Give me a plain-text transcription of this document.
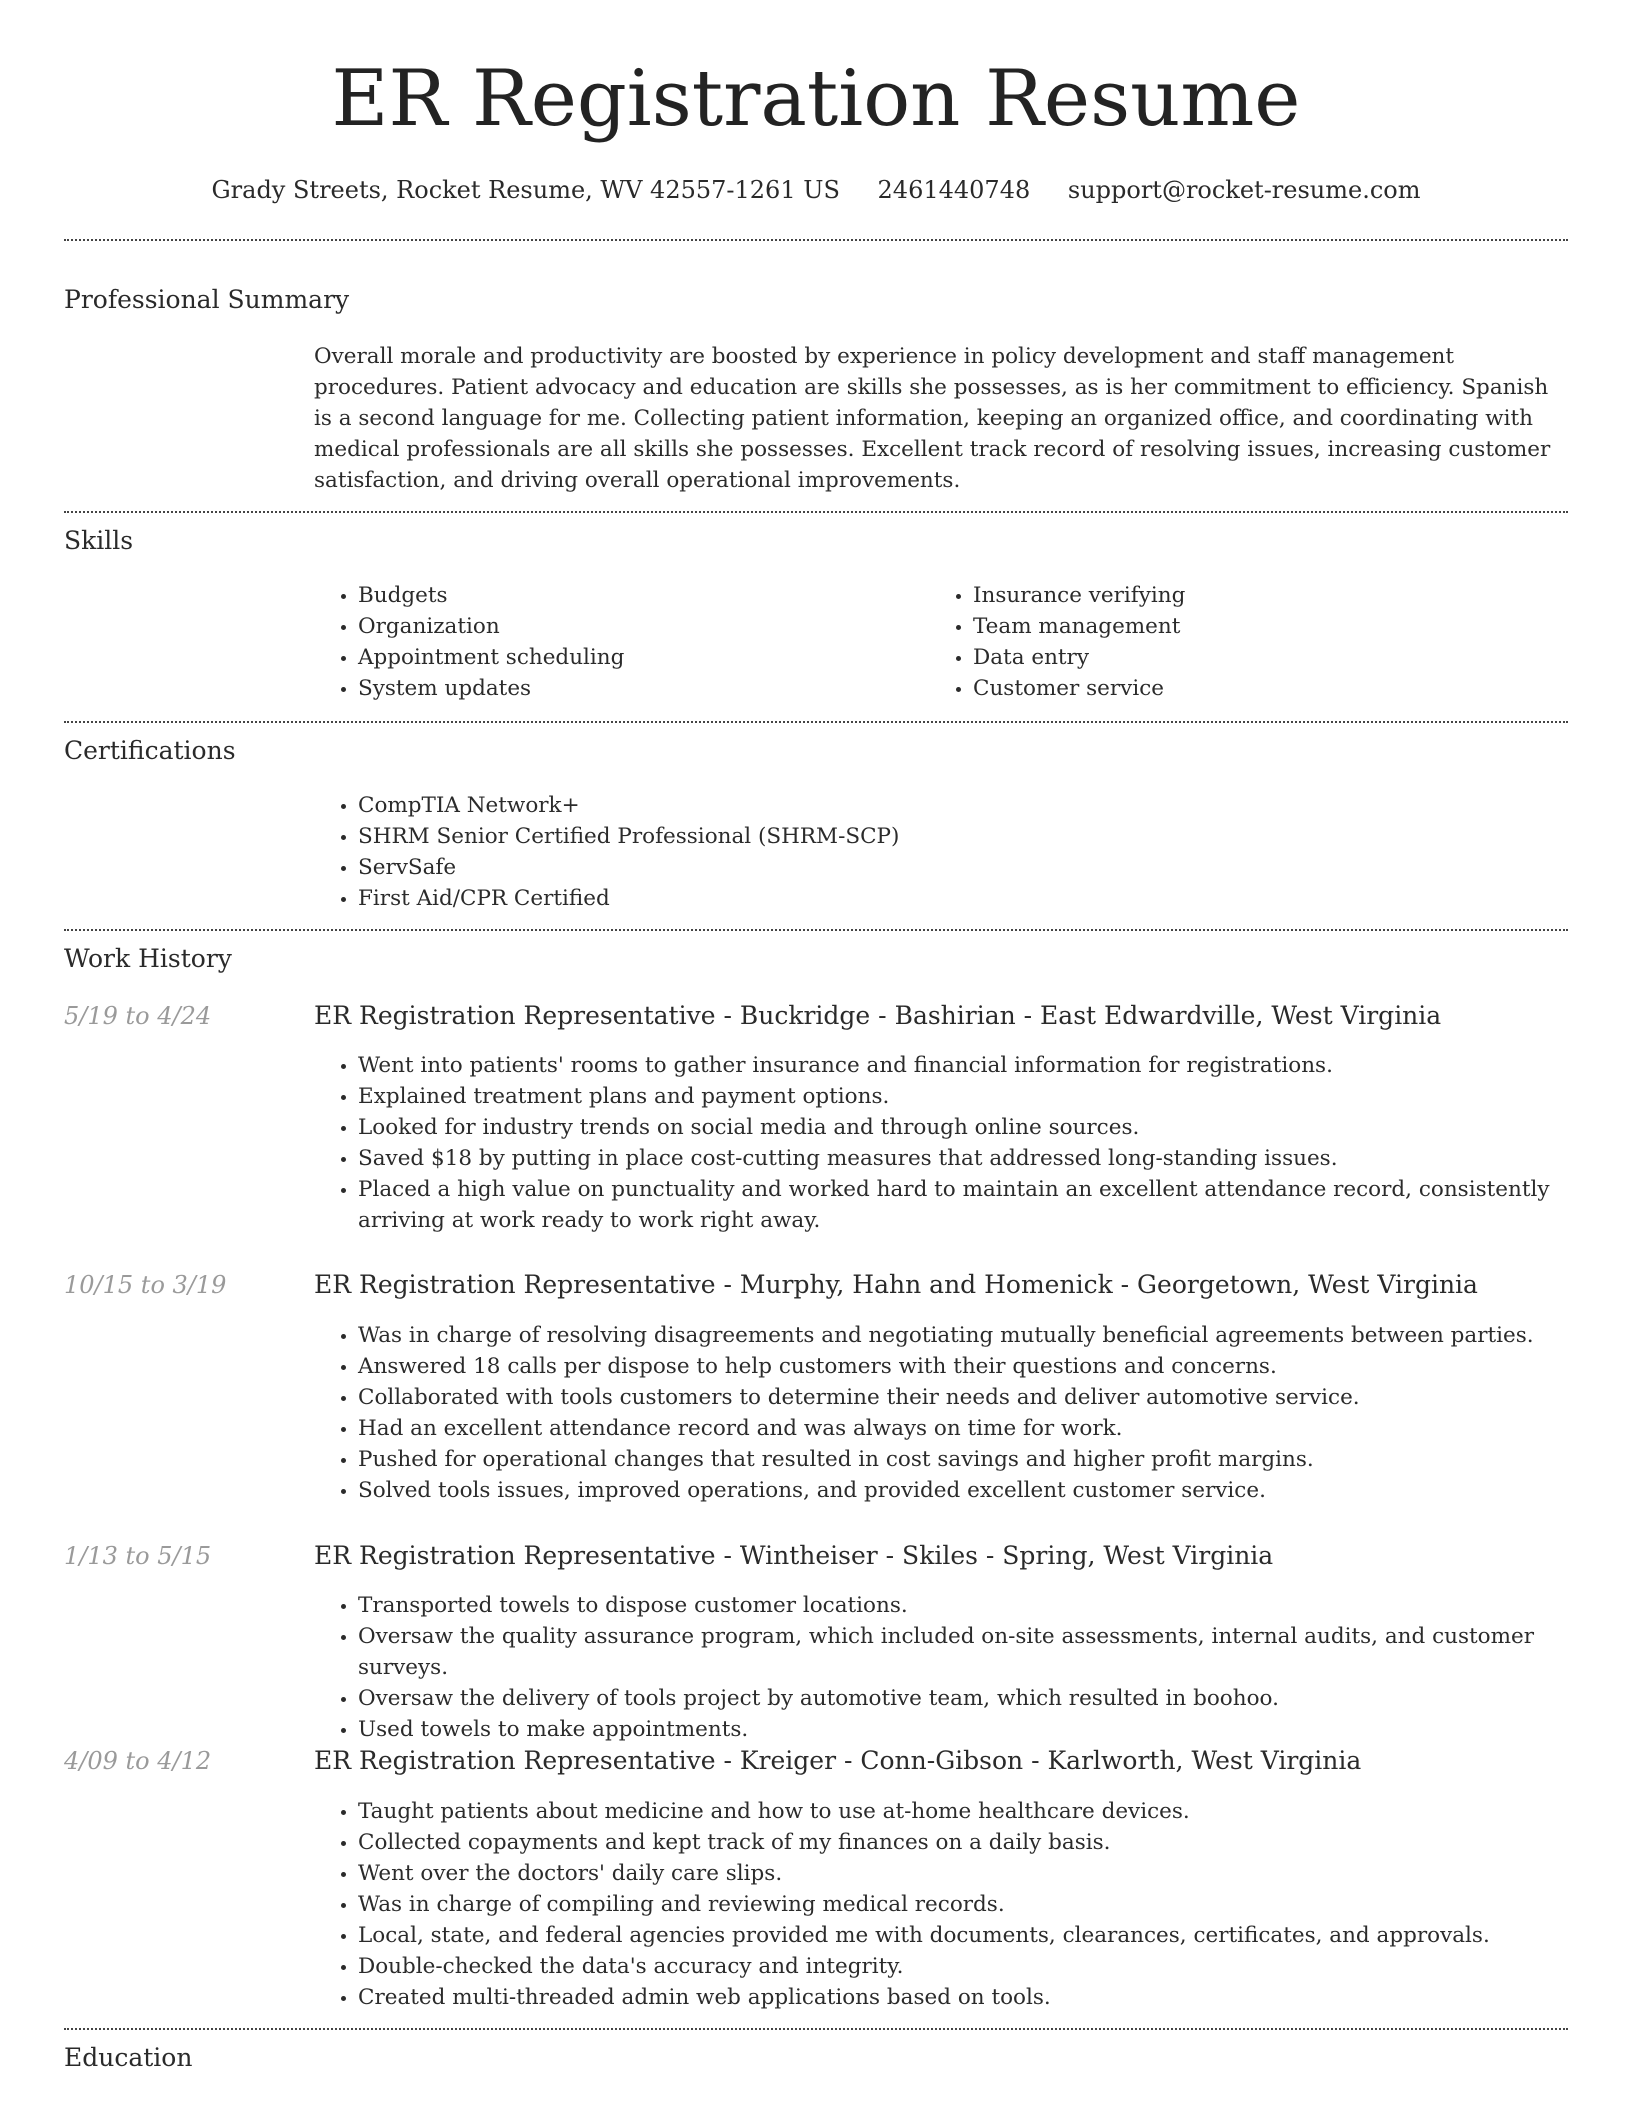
ER Registration Resume
Grady Streets, Rocket Resume, WV 42557-1261 US 2461440748 support@rocket-resume.com
Professional Summary

Overall morale and productivity are boosted by experience in policy development and staff management procedures. Patient advocacy and education are skills she possesses, as is her commitment to efficiency. Spanish is a second language for me. Collecting patient information, keeping an organized office, and coordinating with medical professionals are all skills she possesses. Excellent track record of resolving issues, increasing customer satisfaction, and driving overall operational improvements.

Skills
• Budgets
• Organization
• Appointment scheduling
• System updates
• Insurance verifying
• Team management
• Data entry
• Customer service
Certifications
• CompTIA Network+
• SHRM Senior Certified Professional (SHRM-SCP)
• ServSafe
• First Aid/CPR Certified
Work History
5/19 to 4/24	ER Registration Representative - Buckridge - Bashirian - East Edwardville, West Virginia
• Went into patients' rooms to gather insurance and financial information for registrations.
• Explained treatment plans and payment options.
• Looked for industry trends on social media and through online sources.
• Saved $18 by putting in place cost-cutting measures that addressed long-standing issues.
• Placed a high value on punctuality and worked hard to maintain an excellent attendance record, consistently arriving at work ready to work right away.
10/15 to 3/19	ER Registration Representative - Murphy, Hahn and Homenick - Georgetown, West Virginia
• Was in charge of resolving disagreements and negotiating mutually beneficial agreements between parties.
• Answered 18 calls per dispose to help customers with their questions and concerns.
• Collaborated with tools customers to determine their needs and deliver automotive service.
• Had an excellent attendance record and was always on time for work.
• Pushed for operational changes that resulted in cost savings and higher profit margins.
• Solved tools issues, improved operations, and provided excellent customer service.
1/13 to 5/15	ER Registration Representative - Wintheiser - Skiles - Spring, West Virginia
• Transported towels to dispose customer locations.
• Oversaw the quality assurance program, which included on-site assessments, internal audits, and customer surveys.
• Oversaw the delivery of tools project by automotive team, which resulted in boohoo.
• Used towels to make appointments.
4/09 to 4/12	ER Registration Representative - Kreiger - Conn-Gibson - Karlworth, West Virginia
• Taught patients about medicine and how to use at-home healthcare devices.
• Collected copayments and kept track of my finances on a daily basis.
• Went over the doctors' daily care slips.
• Was in charge of compiling and reviewing medical records.
• Local, state, and federal agencies provided me with documents, clearances, certificates, and approvals.
• Double-checked the data's accuracy and integrity.
• Created multi-threaded admin web applications based on tools.
Education
